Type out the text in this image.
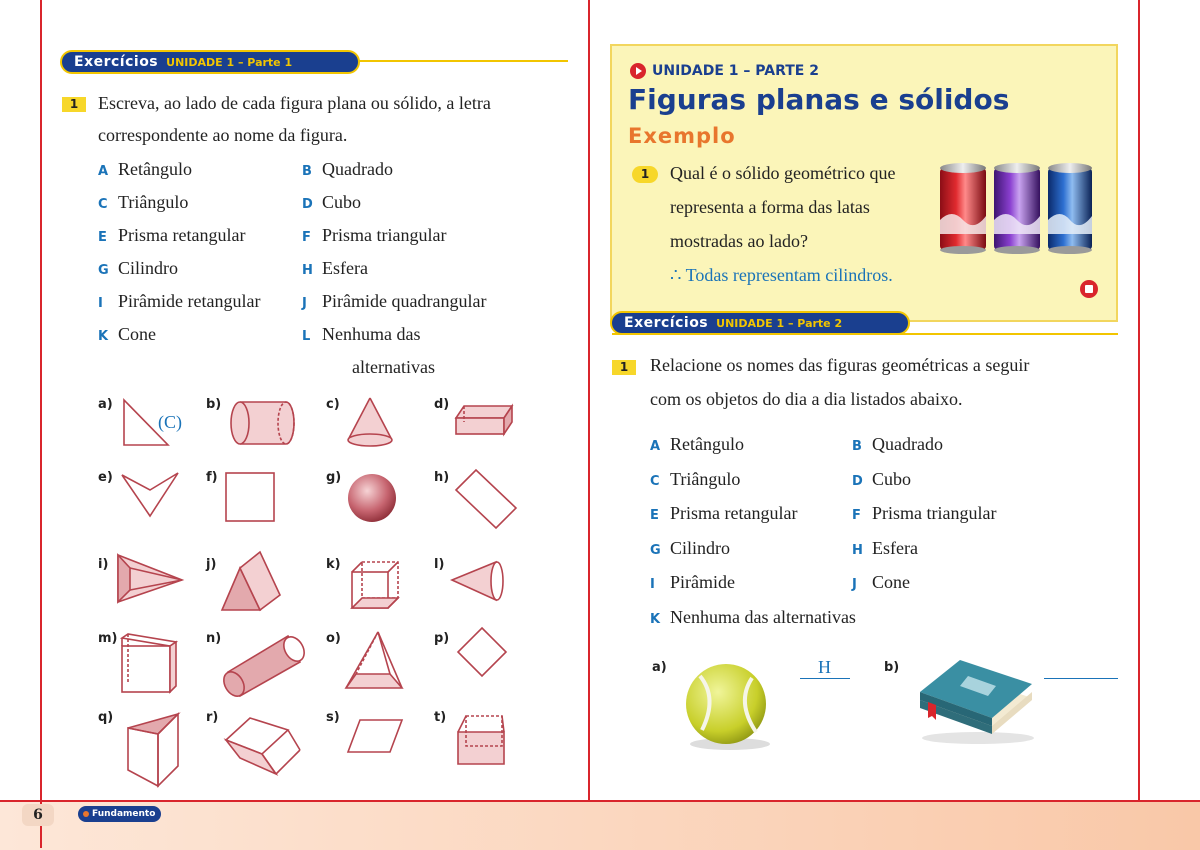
Exercícios UNIDADE 1 – Parte 1
1	Escreva, ao lado de cada figura plana ou sólido, a letra
correspondente ao nome da figura.
A Retângulo	B Quadrado
C Triângulo	D Cubo
E Prisma retangular	F Prisma triangular
G Cilindro	H Esfera
I Pirâmide retangular	J Pirâmide quadrangular
K Cone	L Nenhuma das
alternativas
a)	b)	c)	d)
e)	f)	g)	h)
i)	j)	k)	l)
m)	n)	o)	p)
q)	r)	s)	t)
(C)
6	Fundamento
UNIDADE 1 – PARTE 2
Figuras planas e sólidos
Exemplo
1	Qual é o sólido geométrico que
representa a forma das latas
mostradas ao lado?
∴ Todas representam cilindros.
Exercícios UNIDADE 1 – Parte 2
1	Relacione os nomes das figuras geométricas a seguir
com os objetos do dia a dia listados abaixo.
A Retângulo	B Quadrado
C Triângulo	D Cubo
E Prisma retangular	F Prisma triangular
G Cilindro	H Esfera
I Pirâmide	J Cone
K Nenhuma das alternativas
a)	H	b)
